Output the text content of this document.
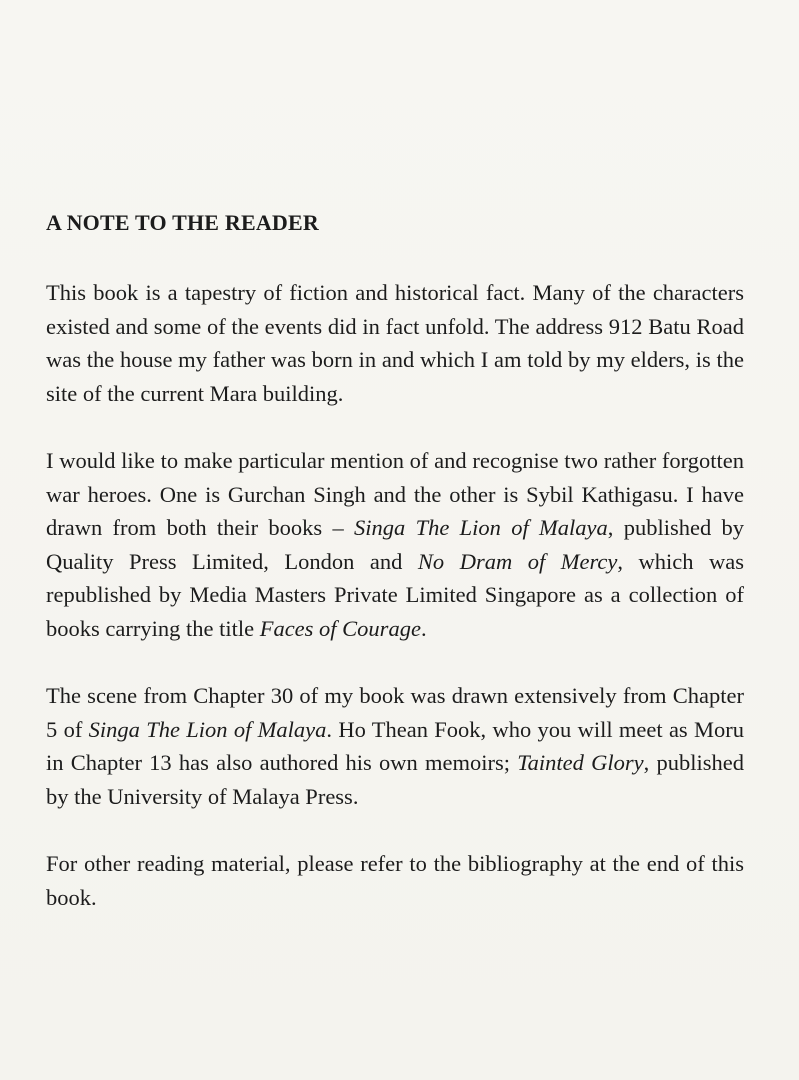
A NOTE TO THE READER

This book is a tapestry of fiction and historical fact. Many of the characters existed and some of the events did in fact unfold. The address 912 Batu Road was the house my father was born in and which I am told by my elders, is the site of the current Mara building.

I would like to make particular mention of and recognise two rather forgotten war heroes. One is Gurchan Singh and the other is Sybil Kathigasu. I have drawn from both their books – Singa The Lion of Malaya, published by Quality Press Limited, London and No Dram of Mercy, which was republished by Media Masters Private Limited Singapore as a collection of books carrying the title Faces of Courage.

The scene from Chapter 30 of my book was drawn extensively from Chapter 5 of Singa The Lion of Malaya. Ho Thean Fook, who you will meet as Moru in Chapter 13 has also authored his own memoirs; Tainted Glory, published by the University of Malaya Press.

For other reading material, please refer to the bibliography at the end of this book.
